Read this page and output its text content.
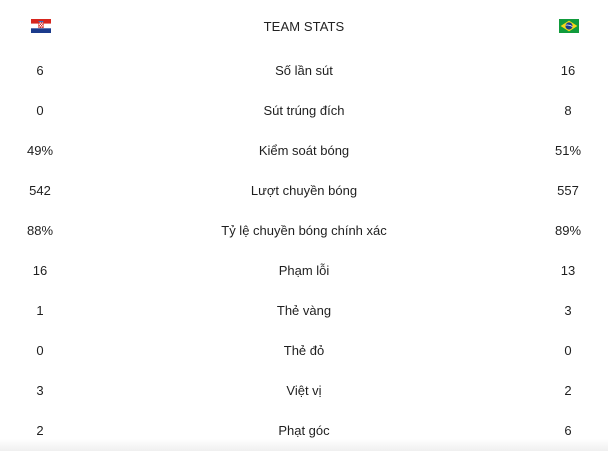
TEAM STATS
6	Số lần sút	16
0	Sút trúng đích	8
49%	Kiểm soát bóng	51%
542	Lượt chuyền bóng	557
88%	Tỷ lệ chuyền bóng chính xác	89%
16	Phạm lỗi	13
1	Thẻ vàng	3
0	Thẻ đỏ	0
3	Việt vị	2
2	Phạt góc	6
